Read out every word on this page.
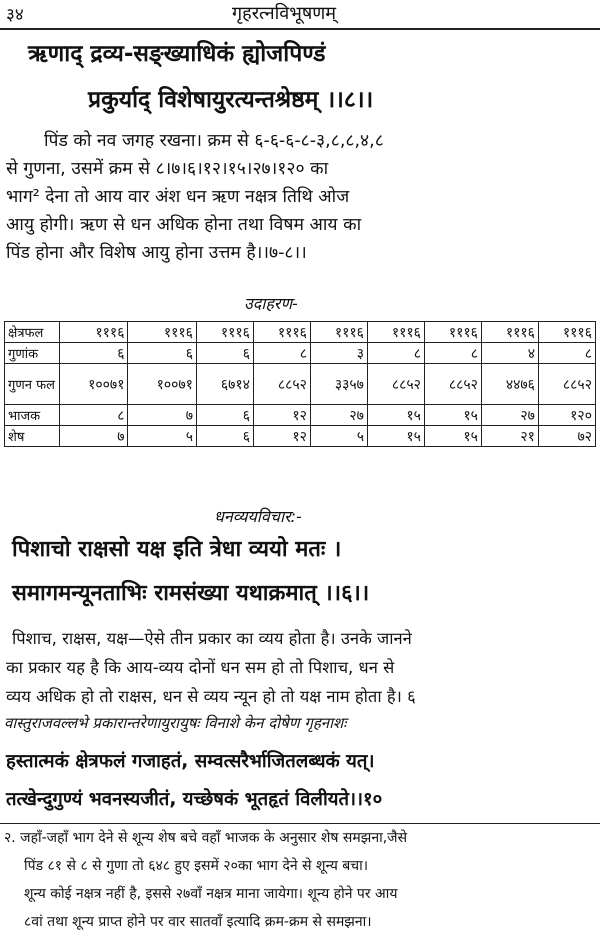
३४	गृहरत्नविभूषणम्
ऋणाद् द्रव्य-सङ्ख्याधिकं ह्योजपिण्डं
प्रकुर्याद् विशेषायुरत्यन्तश्रेष्ठम् ।।८।।
पिंड को नव जगह रखना। क्रम से ६-६-६-८-३,८,८,४,८
से गुणना, उसमें क्रम से ८।७।६।१२।१५।२७।१२० का
भाग² देना तो आय वार अंश धन ऋण नक्षत्र तिथि ओज
आयु होगी। ऋण से धन अधिक होना तथा विषम आय का
पिंड होना और विशेष आयु होना उत्तम है।।७-८।।
उदाहरण-
क्षेत्रफल	१११६	१११६	१११६	१११६	१११६	१११६	१११६	१११६	१११६
गुणांक	६	६	६	८	३	८	८	४	८
गुणन फल	१००७१	१००७१	६७१४	८८५२	३३५७	८८५२	८८५२	४४७६	८८५२
भाजक	८	७	६	१२	२७	१५	१५	२७	१२०
शेष	७	५	६	१२	५	१५	१५	२१	७२
धनव्ययविचार:-
पिशाचो राक्षसो यक्ष इति त्रेधा व्ययो मतः ।
समागमन्यूनताभिः रामसंख्या यथाक्रमात् ।।६।।
पिशाच, राक्षस, यक्ष—ऐसे तीन प्रकार का व्यय होता है। उनके जानने
का प्रकार यह है कि आय-व्यय दोनों धन सम हो तो पिशाच, धन से
व्यय अधिक हो तो राक्षस, धन से व्यय न्यून हो तो यक्ष नाम होता है। ६
वास्तुराजवल्लभे प्रकारान्तरेणायुरायुषः विनाशे केन दोषेण गृहनाशः
हस्तात्मकं क्षेत्रफलं गजाहतं, सम्वत्सरैर्भाजितलब्धकं यत्।
तत्खेन्दुगुण्यं भवनस्यजीतं, यच्छेषकं भूतहृतं विलीयते।।१०
२. जहाँ-जहाँ भाग देने से शून्य शेष बचे वहाँ भाजक के अनुसार शेष समझना,जैसे
पिंड ८१ से ८ से गुणा तो ६४८ हुए इसमें २०का भाग देने से शून्य बचा।
शून्य कोई नक्षत्र नहीं है, इससे २७वाँ नक्षत्र माना जायेगा। शून्य होने पर आय
८वां तथा शून्य प्राप्त होने पर वार सातवाँ इत्यादि क्रम-क्रम से समझना।
